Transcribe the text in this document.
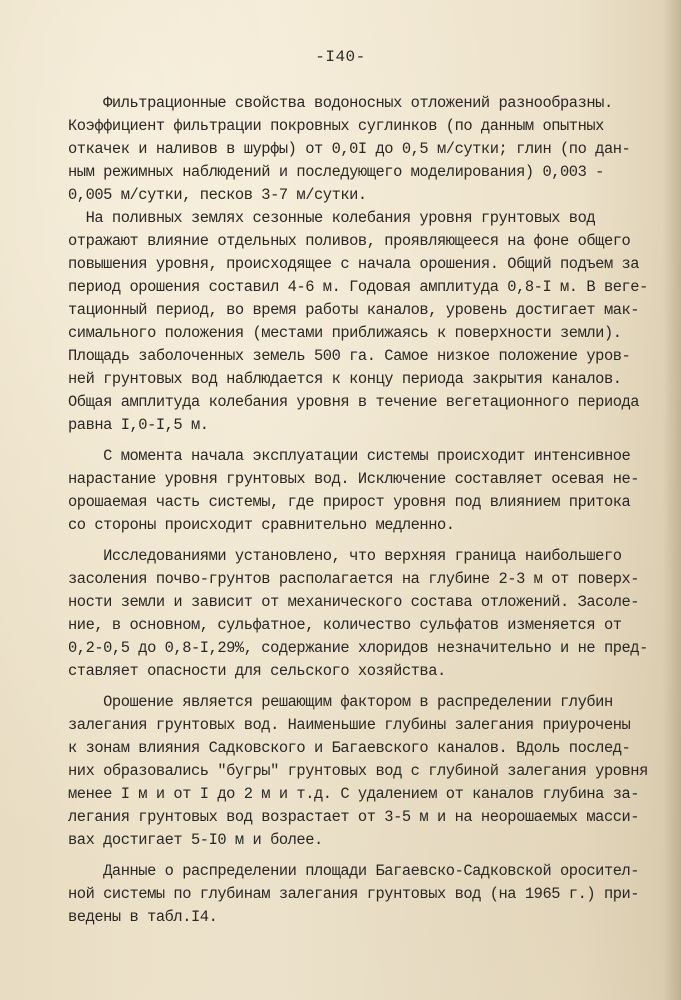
-I40-
Фильтрационные свойства водоносных отложений разнообразны.
Коэффициент фильтрации покровных суглинков (по данным опытных
откачек и наливов в шурфы) от 0,0I до 0,5 м/сутки; глин (по дан-
ным режимных наблюдений и последующего моделирования) 0,003 -
0,005 м/сутки, песков 3-7 м/сутки.
На поливных землях сезонные колебания уровня грунтовых вод
отражают влияние отдельных поливов, проявляющееся на фоне общего
повышения уровня, происходящее с начала орошения. Общий подъем за
период орошения составил 4-6 м. Годовая амплитуда 0,8-I м. В веге-
тационный период, во время работы каналов, уровень достигает мак-
симального положения (местами приближаясь к поверхности земли).
Площадь заболоченных земель 500 га. Самое низкое положение уров-
ней грунтовых вод наблюдается к концу периода закрытия каналов.
Общая амплитуда колебания уровня в течение вегетационного периода
равна I,0-I,5 м.
С момента начала эксплуатации системы происходит интенсивное
нарастание уровня грунтовых вод. Исключение составляет осевая не-
орошаемая часть системы, где прирост уровня под влиянием притока
со стороны происходит сравнительно медленно.
Исследованиями установлено, что верхняя граница наибольшего
засоления почво-грунтов располагается на глубине 2-3 м от поверх-
ности земли и зависит от механического состава отложений. Засоле-
ние, в основном, сульфатное, количество сульфатов изменяется от
0,2-0,5 до 0,8-I,29%, содержание хлоридов незначительно и не пред-
ставляет опасности для сельского хозяйства.
Орошение является решающим фактором в распределении глубин
залегания грунтовых вод. Наименьшие глубины залегания приурочены
к зонам влияния Садковского и Багаевского каналов. Вдоль послед-
них образовались "бугры" грунтовых вод с глубиной залегания уровня
менее I м и от I до 2 м и т.д. С удалением от каналов глубина за-
легания грунтовых вод возрастает от 3-5 м и на неорошаемых масси-
вах достигает 5-I0 м и более.
Данные о распределении площади Багаевско-Садковской оросител-
ной системы по глубинам залегания грунтовых вод (на 1965 г.) при-
ведены в табл.I4.
